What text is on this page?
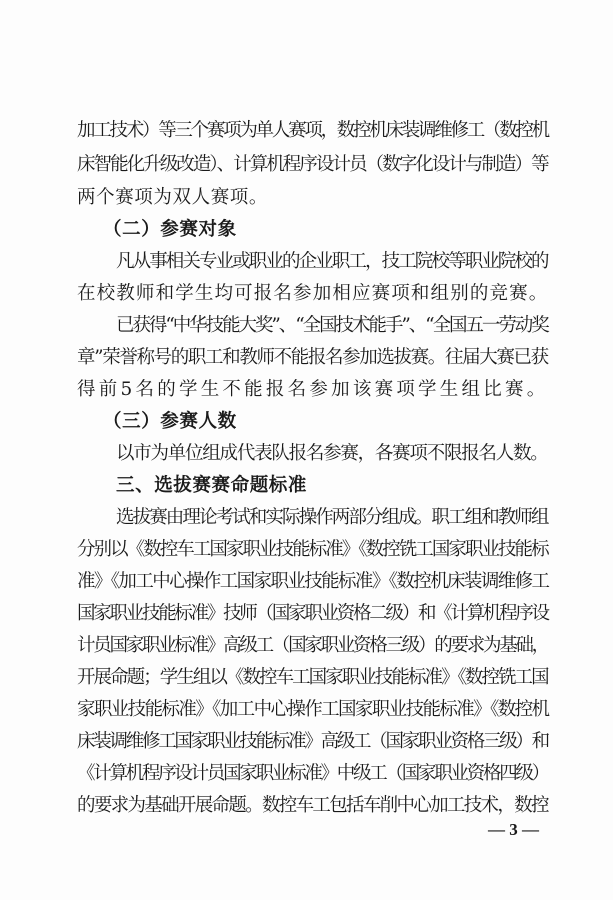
加工技术）等三个赛项为单人赛项，数控机床装调维修工（数控机
床智能化升级改造）、计算机程序设计员（数字化设计与制造）等
两个赛项为双人赛项。
（二）参赛对象
凡从事相关专业或职业的企业职工，技工院校等职业院校的
在校教师和学生均可报名参加相应赛项和组别的竞赛。
已获得“中华技能大奖”、“全国技术能手”、“全国五一劳动奖
章”荣誉称号的职工和教师不能报名参加选拔赛。往届大赛已获
得前5名的学生不能报名参加该赛项学生组比赛。
（三）参赛人数
以市为单位组成代表队报名参赛，各赛项不限报名人数。
三、选拔赛赛命题标准
选拔赛由理论考试和实际操作两部分组成。职工组和教师组
分别以《数控车工国家职业技能标准》《数控铣工国家职业技能标
准》《加工中心操作工国家职业技能标准》《数控机床装调维修工
国家职业技能标准》技师（国家职业资格二级）和《计算机程序设
计员国家职业标准》高级工（国家职业资格三级）的要求为基础，
开展命题；学生组以《数控车工国家职业技能标准》《数控铣工国
家职业技能标准》《加工中心操作工国家职业技能标准》《数控机
床装调维修工国家职业技能标准》高级工（国家职业资格三级）和
《计算机程序设计员国家职业标准》中级工（国家职业资格四级）
的要求为基础开展命题。数控车工包括车削中心加工技术，数控
— 3 —
